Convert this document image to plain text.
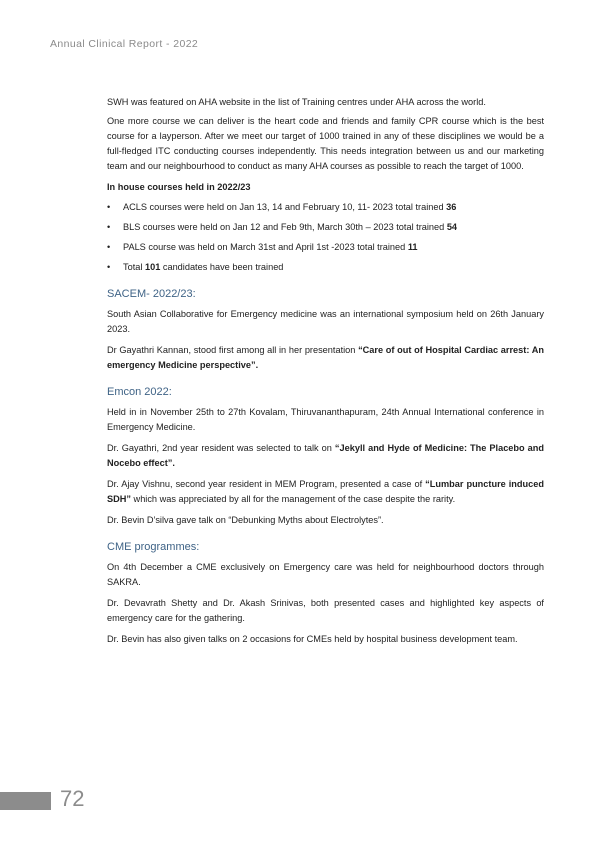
Annual Clinical Report - 2022

SWH was featured on AHA website in the list of Training centres under AHA across the world.

One more course we can deliver is the heart code and friends and family CPR course which is the best course for a layperson. After we meet our target of 1000 trained in any of these disciplines we would be a full-fledged ITC conducting courses independently. This needs integration between us and our marketing team and our neighbourhood to conduct as many AHA courses as possible to reach the target of 1000.

In house courses held in 2022/23
• ACLS courses were held on Jan 13, 14 and February 10, 11- 2023 total trained 36
• BLS courses were held on Jan 12 and Feb 9th, March 30th – 2023 total trained 54
• PALS course was held on March 31st and April 1st -2023 total trained 11
• Total 101 candidates have been trained
SACEM- 2022/23:

South Asian Collaborative for Emergency medicine was an international symposium held on 26th January 2023.

Dr Gayathri Kannan, stood first among all in her presentation “Care of out of Hospital Cardiac arrest: An emergency Medicine perspective”.

Emcon 2022:

Held in in November 25th to 27th Kovalam, Thiruvananthapuram, 24th Annual International conference in Emergency Medicine.

Dr. Gayathri, 2nd year resident was selected to talk on “Jekyll and Hyde of Medicine: The Placebo and Nocebo effect”.

Dr. Ajay Vishnu, second year resident in MEM Program, presented a case of “Lumbar puncture induced SDH” which was appreciated by all for the management of the case despite the rarity.

Dr. Bevin D’silva gave talk on “Debunking Myths about Electrolytes”.

CME programmes:

On 4th December a CME exclusively on Emergency care was held for neighbourhood doctors through SAKRA.

Dr. Devavrath Shetty and Dr. Akash Srinivas, both presented cases and highlighted key aspects of emergency care for the gathering.

Dr. Bevin has also given talks on 2 occasions for CMEs held by hospital business development team.

72
